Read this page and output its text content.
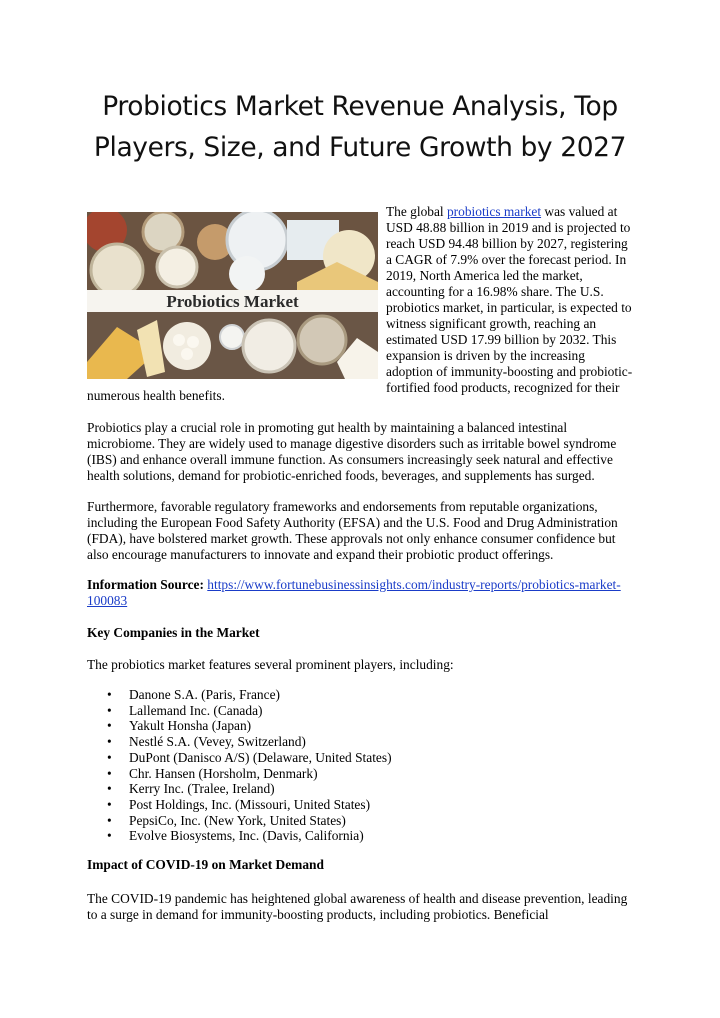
Probiotics Market Revenue Analysis, Top
Players, Size, and Future Growth by 2027
Probiotics Market
The global probiotics market was valued at
USD 48.88 billion in 2019 and is projected to
reach USD 94.48 billion by 2027, registering
a CAGR of 7.9% over the forecast period. In
2019, North America led the market,
accounting for a 16.98% share. The U.S.
probiotics market, in particular, is expected to
witness significant growth, reaching an
estimated USD 17.99 billion by 2032. This
expansion is driven by the increasing
adoption of immunity-boosting and probiotic-
fortified food products, recognized for their
numerous health benefits.
Probiotics play a crucial role in promoting gut health by maintaining a balanced intestinal
microbiome. They are widely used to manage digestive disorders such as irritable bowel syndrome
(IBS) and enhance overall immune function. As consumers increasingly seek natural and effective
health solutions, demand for probiotic-enriched foods, beverages, and supplements has surged.
Furthermore, favorable regulatory frameworks and endorsements from reputable organizations,
including the European Food Safety Authority (EFSA) and the U.S. Food and Drug Administration
(FDA), have bolstered market growth. These approvals not only enhance consumer confidence but
also encourage manufacturers to innovate and expand their probiotic product offerings.
Information Source: https://www.fortunebusinessinsights.com/industry-reports/probiotics-market-
100083
Key Companies in the Market
The probiotics market features several prominent players, including:
• Danone S.A. (Paris, France)
• Lallemand Inc. (Canada)
• Yakult Honsha (Japan)
• Nestlé S.A. (Vevey, Switzerland)
• DuPont (Danisco A/S) (Delaware, United States)
• Chr. Hansen (Horsholm, Denmark)
• Kerry Inc. (Tralee, Ireland)
• Post Holdings, Inc. (Missouri, United States)
• PepsiCo, Inc. (New York, United States)
• Evolve Biosystems, Inc. (Davis, California)
Impact of COVID-19 on Market Demand
The COVID-19 pandemic has heightened global awareness of health and disease prevention, leading
to a surge in demand for immunity-boosting products, including probiotics. Beneficial
